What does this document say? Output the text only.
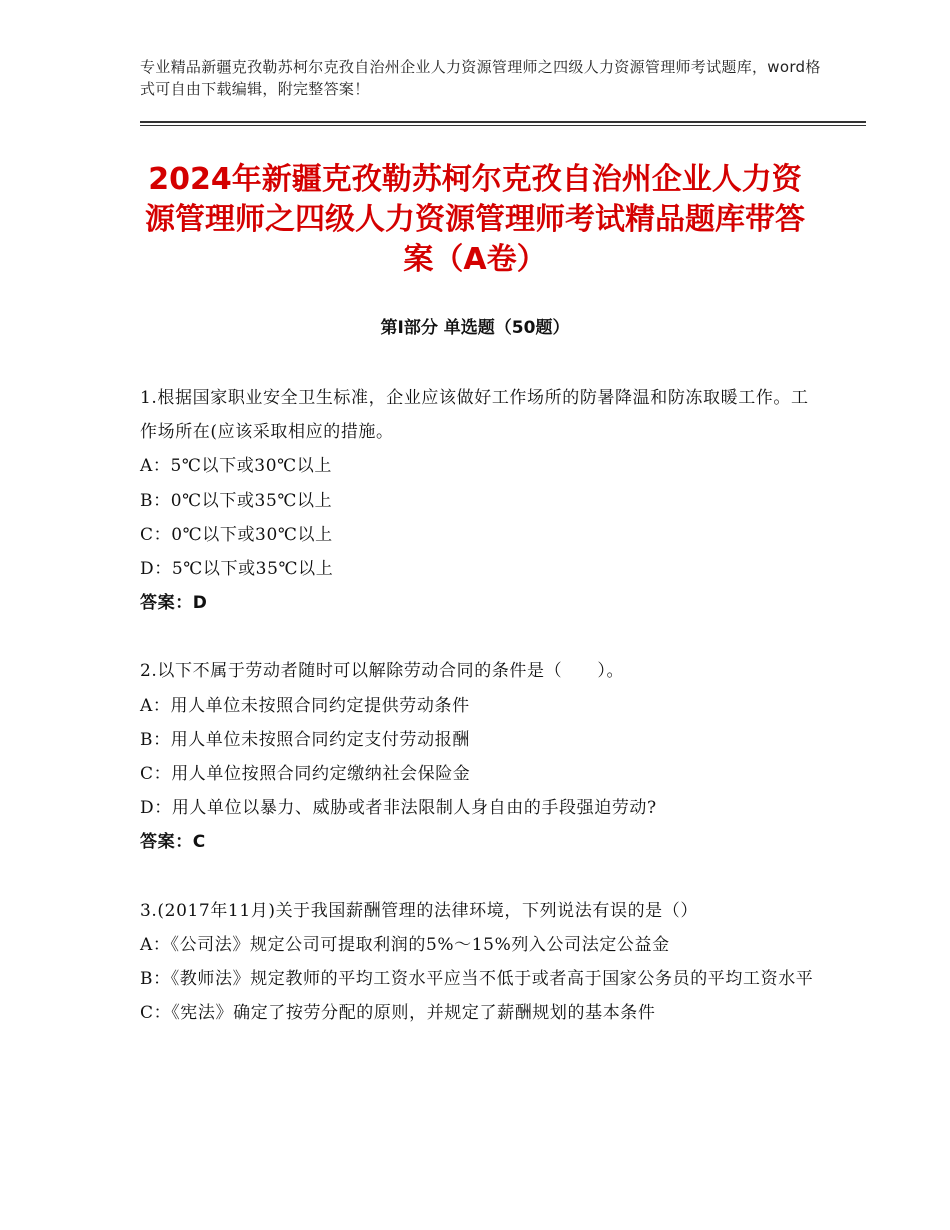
专业精品新疆克孜勒苏柯尔克孜自治州企业人力资源管理师之四级人力资源管理师考试题库，word格式可自由下载编辑，附完整答案！
2024年新疆克孜勒苏柯尔克孜自治州企业人力资源管理师之四级人力资源管理师考试精品题库带答案（A卷）
第Ⅰ部分 单选题（50题）

1.根据国家职业安全卫生标准，企业应该做好工作场所的防暑降温和防冻取暖工作。工作场所在(应该采取相应的措施。

A：5℃以下或30℃以上

B：0℃以下或35℃以上

C：0℃以下或30℃以上

D：5℃以下或35℃以上

答案：D

2.以下不属于劳动者随时可以解除劳动合同的条件是（　　）。

A：用人单位未按照合同约定提供劳动条件

B：用人单位未按照合同约定支付劳动报酬

C：用人单位按照合同约定缴纳社会保险金

D：用人单位以暴力、威胁或者非法限制人身自由的手段强迫劳动?

答案：C

3.(2017年11月)关于我国薪酬管理的法律环境，下列说法有误的是（）

A：《公司法》规定公司可提取利润的5%～15%列入公司法定公益金

B：《教师法》规定教师的平均工资水平应当不低于或者高于国家公务员的平均工资水平

C：《宪法》确定了按劳分配的原则，并规定了薪酬规划的基本条件
